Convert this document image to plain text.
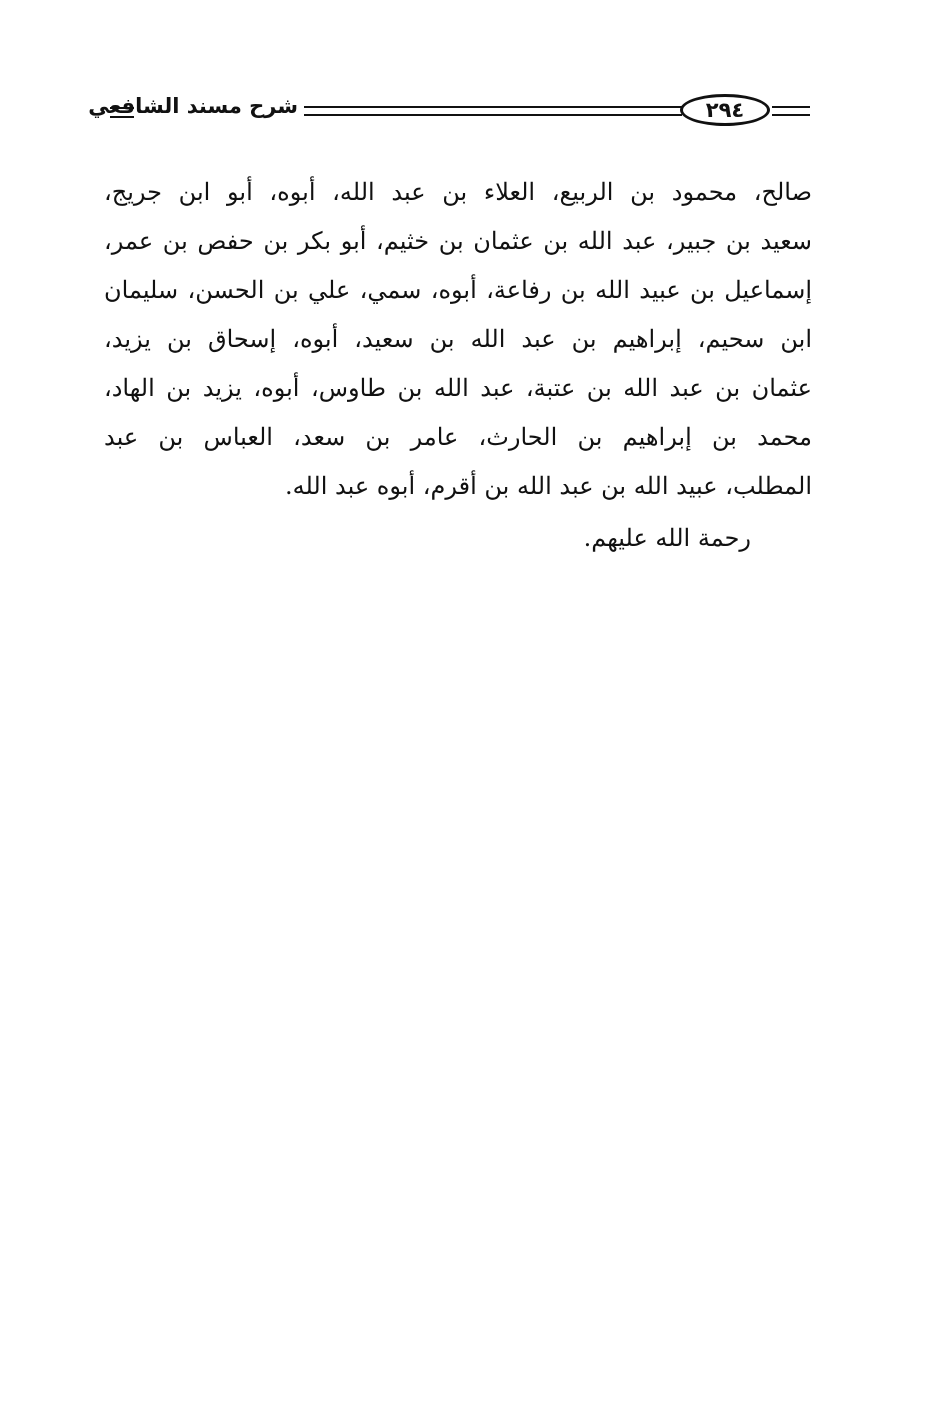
شرح مسند الشافعي	٢٩٤
صالح، محمود بن الربيع، العلاء بن عبد الله، أبوه، أبو ابن جريج،
سعيد بن جبير، عبد الله بن عثمان بن خثيم، أبو بكر بن حفص بن عمر،
إسماعيل بن عبيد الله بن رفاعة، أبوه، سمي، علي بن الحسن، سليمان
ابن سحيم، إبراهيم بن عبد الله بن سعيد، أبوه، إسحاق بن يزيد،
عثمان بن عبد الله بن عتبة، عبد الله بن طاوس، أبوه، يزيد بن الهاد،
محمد بن إبراهيم بن الحارث، عامر بن سعد، العباس بن عبد
المطلب، عبيد الله بن عبد الله بن أقرم، أبوه عبد الله.
رحمة الله عليهم.
